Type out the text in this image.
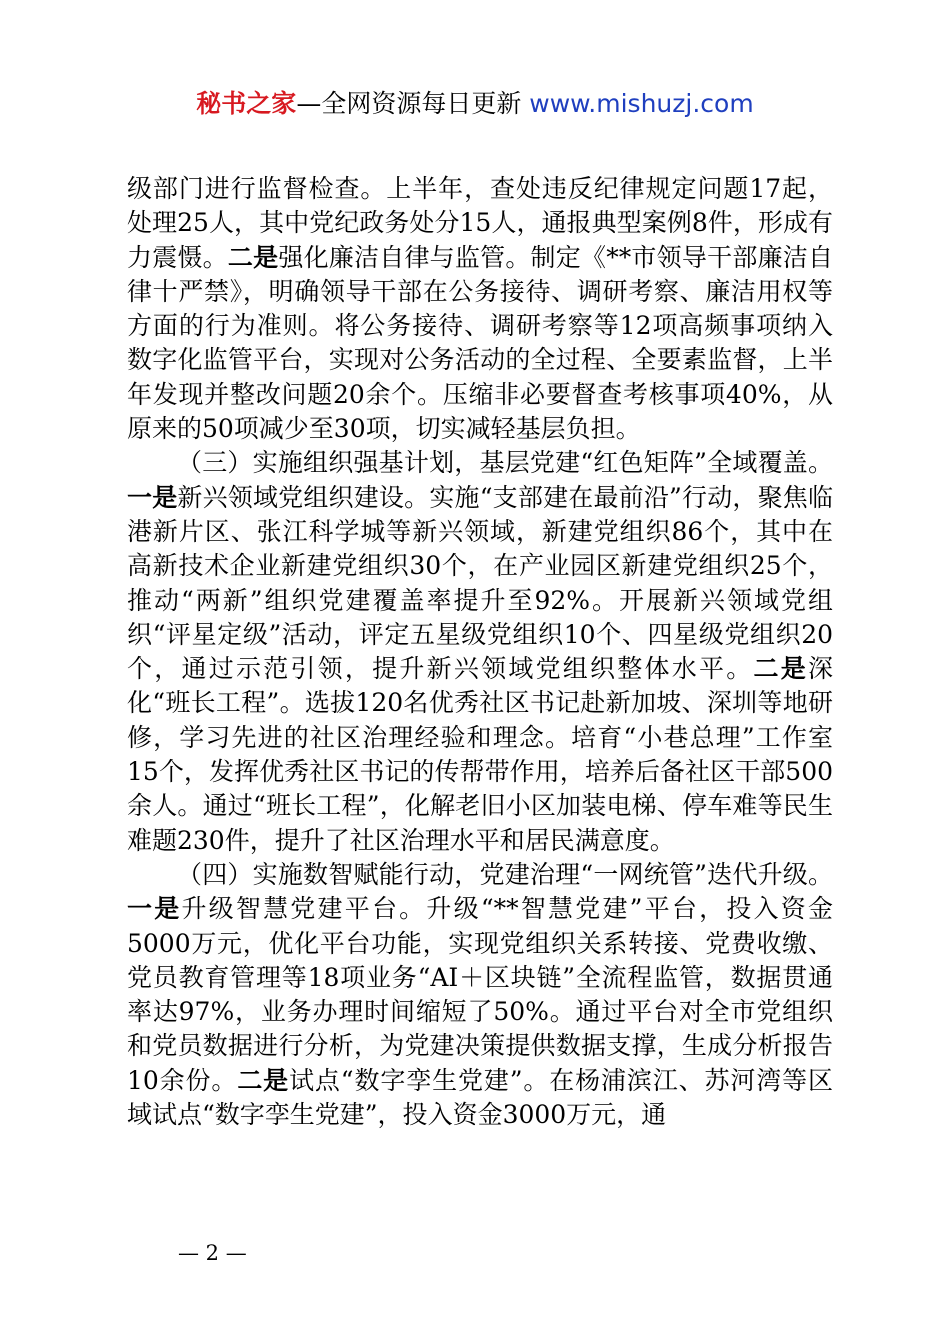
秘书之家—全网资源每日更新 www.mishuzj.com

级部门进行监督检查。上半年，查处违反纪律规定问题17起，处理25人，其中党纪政务处分15人，通报典型案例8件，形成有力震慑。二是强化廉洁自律与监管。制定《**市领导干部廉洁自律十严禁》，明确领导干部在公务接待、调研考察、廉洁用权等方面的行为准则。将公务接待、调研考察等12项高频事项纳入数字化监管平台，实现对公务活动的全过程、全要素监督，上半年发现并整改问题20余个。压缩非必要督查考核事项40%，从原来的50项减少至30项，切实减轻基层负担。

（三）实施组织强基计划，基层党建“红色矩阵”全域覆盖。一是新兴领域党组织建设。实施“支部建在最前沿”行动，聚焦临港新片区、张江科学城等新兴领域，新建党组织86个，其中在高新技术企业新建党组织30个，在产业园区新建党组织25个，推动“两新”组织党建覆盖率提升至92%。开展新兴领域党组织“评星定级”活动，评定五星级党组织10个、四星级党组织20个，通过示范引领，提升新兴领域党组织整体水平。二是深化“班长工程”。选拔120名优秀社区书记赴新加坡、深圳等地研修，学习先进的社区治理经验和理念。培育“小巷总理”工作室15个，发挥优秀社区书记的传帮带作用，培养后备社区干部500余人。通过“班长工程”，化解老旧小区加装电梯、停车难等民生难题230件，提升了社区治理水平和居民满意度。

（四）实施数智赋能行动，党建治理“一网统管”迭代升级。一是升级智慧党建平台。升级“**智慧党建”平台，投入资金5000万元，优化平台功能，实现党组织关系转接、党费收缴、党员教育管理等18项业务“AI＋区块链”全流程监管，数据贯通率达97%，业务办理时间缩短了50%。通过平台对全市党组织和党员数据进行分析，为党建决策提供数据支撑，生成分析报告10余份。二是试点“数字孪生党建”。在杨浦滨江、苏河湾等区域试点“数字孪生党建”，投入资金3000万元，通

— 2 —
